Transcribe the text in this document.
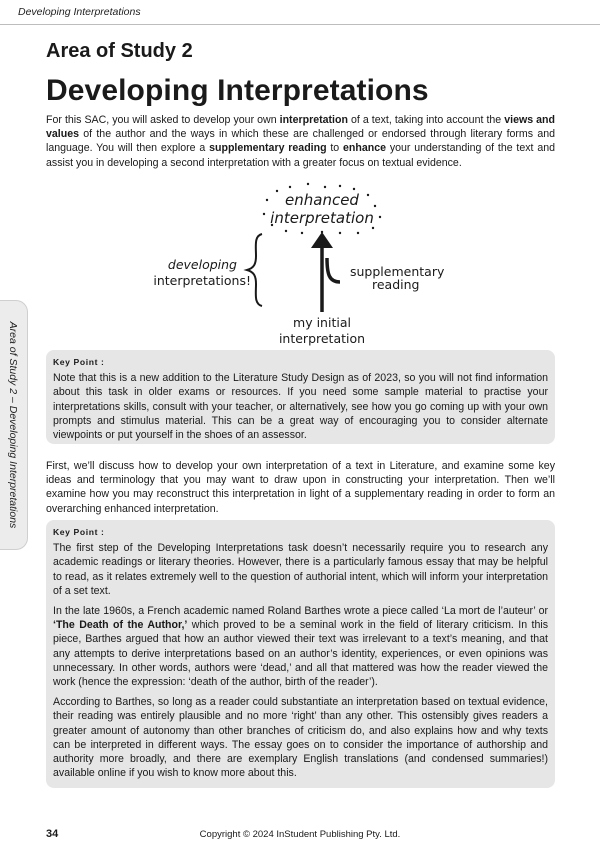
Developing Interpretations
Area of Study 2
Developing Interpretations

For this SAC, you will asked to develop your own interpretation of a text, taking into account the views and values of the author and the ways in which these are challenged or endorsed through literary forms and language. You will then explore a supplementary reading to enhance your understanding of the text and assist you in developing a second interpretation with a greater focus on textual evidence.

enhanced
interpretation
developing
interpretations!
supplementary
reading
my initial
interpretation
Area of Study 2 – Developing Interpretations	Key Point :

Note that this is a new addition to the Literature Study Design as of 2023, so you will not find information about this task in older exams or resources. If you need some sample material to practise your interpretations skills, consult with your teacher, or alternatively, see how you go coming up with your own prompts and stimulus material. This can be a great way of encouraging you to consider alternate viewpoints or put yourself in the shoes of an assessor.

First, we’ll discuss how to develop your own interpretation of a text in Literature, and examine some key ideas and terminology that you may want to draw upon in constructing your interpretation. Then we’ll examine how you may reconstruct this interpretation in light of a supplementary reading in order to form an overarching enhanced interpretation.

Key Point :

The first step of the Developing Interpretations task doesn’t necessarily require you to research any academic readings or literary theories. However, there is a particularly famous essay that may be helpful to read, as it relates extremely well to the question of authorial intent, which will inform your interpretation of a set text.

In the late 1960s, a French academic named Roland Barthes wrote a piece called ‘La mort de l’auteur’ or ‘The Death of the Author,’ which proved to be a seminal work in the field of literary criticism. In this piece, Barthes argued that how an author viewed their text was irrelevant to a text’s meaning, and that any attempts to derive interpretations based on an author’s identity, experiences, or even opinions was unnecessary. In other words, authors were ‘dead,’ and all that mattered was how the reader viewed the work (hence the expression: ‘death of the author, birth of the reader’).

According to Barthes, so long as a reader could substantiate an interpretation based on textual evidence, their reading was entirely plausible and no more ‘right’ than any other. This ostensibly gives readers a greater amount of autonomy than other branches of criticism do, and also explains how and why texts can be interpreted in different ways. The essay goes on to consider the importance of authorship and authority more broadly, and there are exemplary English translations (and condensed summaries!) available online if you wish to know more about this.

34	Copyright © 2024 InStudent Publishing Pty. Ltd.
